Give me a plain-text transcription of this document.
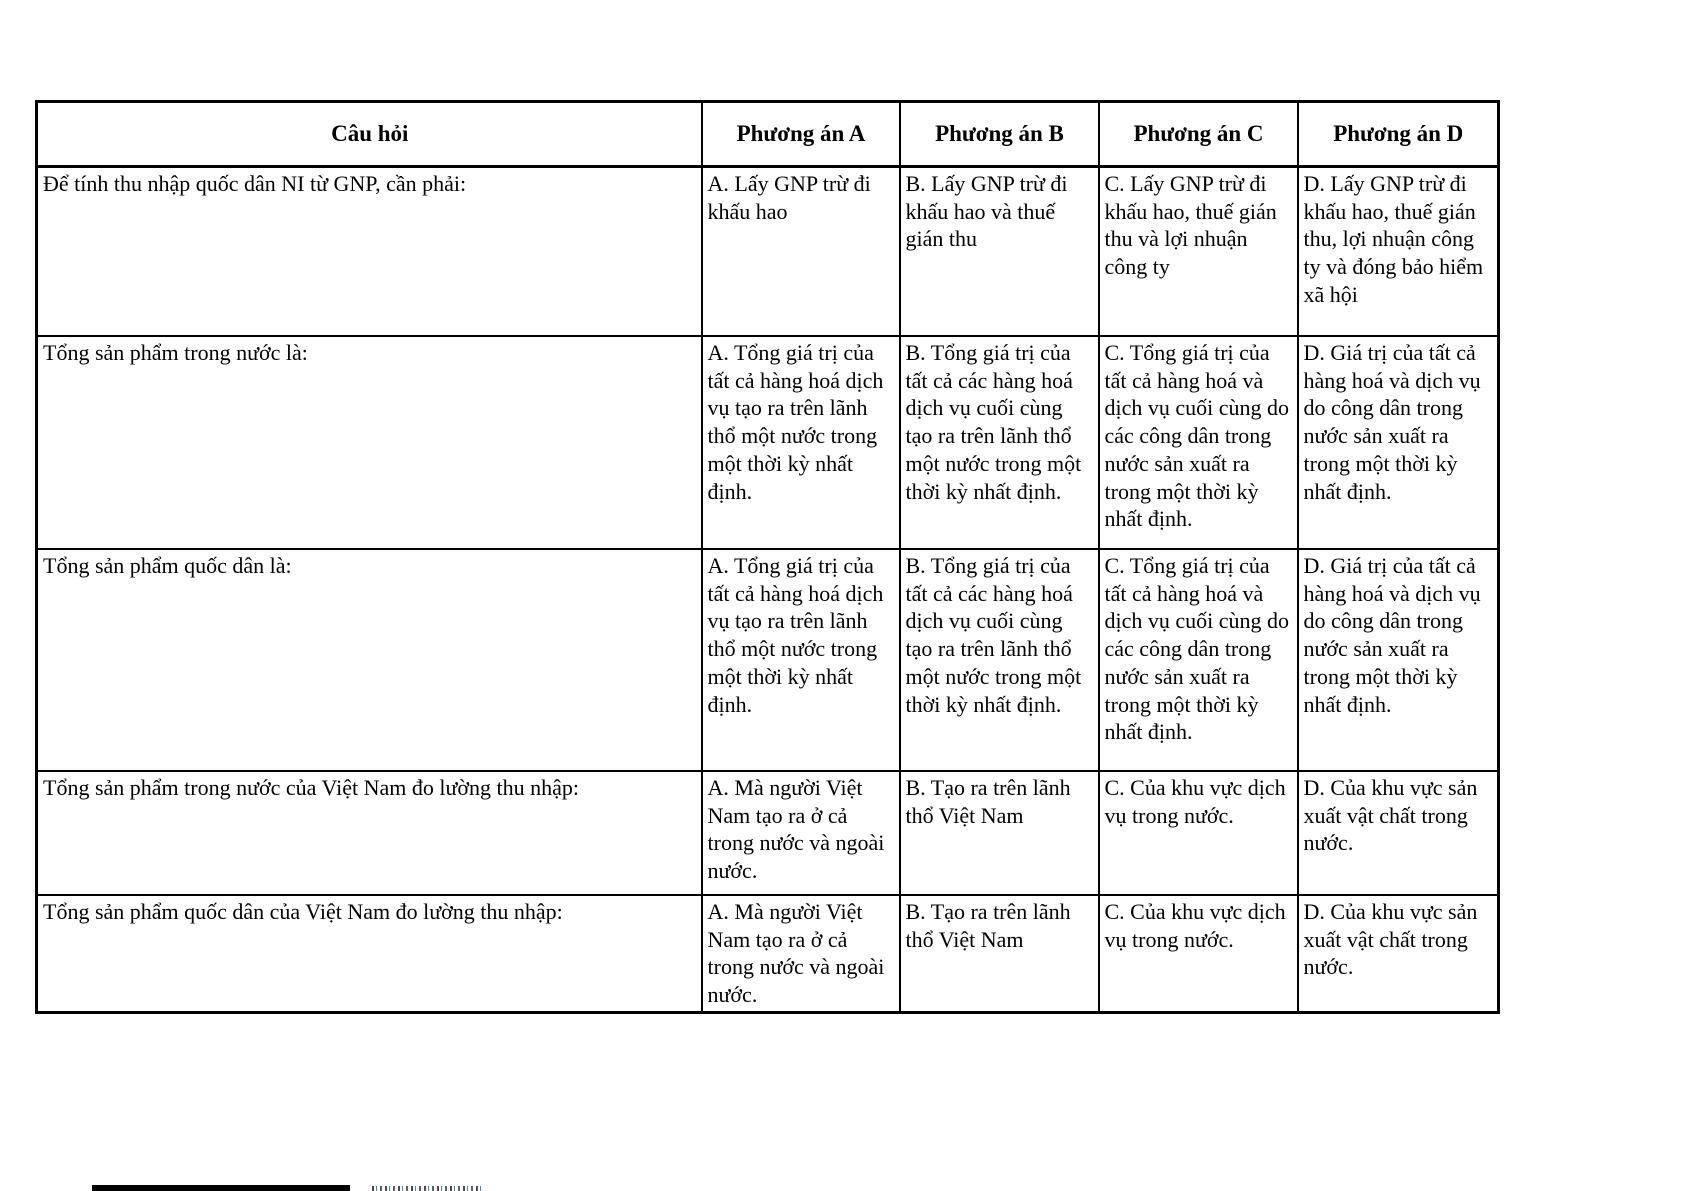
Câu hỏi	Phương án A	Phương án B	Phương án C	Phương án D
Để tính thu nhập quốc dân NI từ GNP, cần phải:	A. Lấy GNP trừ đi khấu hao	B. Lấy GNP trừ đi khấu hao và thuế gián thu	C. Lấy GNP trừ đi khấu hao, thuế gián thu và lợi nhuận công ty	D. Lấy GNP trừ đi khấu hao, thuế gián thu, lợi nhuận công ty và đóng bảo hiểm xã hội
Tổng sản phẩm trong nước là:	A. Tổng giá trị của tất cả hàng hoá dịch vụ tạo ra trên lãnh thổ một nước trong một thời kỳ nhất định.	B. Tổng giá trị của tất cả các hàng hoá dịch vụ cuối cùng tạo ra trên lãnh thổ một nước trong một thời kỳ nhất định.	C. Tổng giá trị của tất cả hàng hoá và dịch vụ cuối cùng do các công dân trong nước sản xuất ra trong một thời kỳ nhất định.	D. Giá trị của tất cả hàng hoá và dịch vụ do công dân trong nước sản xuất ra trong một thời kỳ nhất định.
Tổng sản phẩm quốc dân là:	A. Tổng giá trị của tất cả hàng hoá dịch vụ tạo ra trên lãnh thổ một nước trong một thời kỳ nhất định.	B. Tổng giá trị của tất cả các hàng hoá dịch vụ cuối cùng tạo ra trên lãnh thổ một nước trong một thời kỳ nhất định.	C. Tổng giá trị của tất cả hàng hoá và dịch vụ cuối cùng do các công dân trong nước sản xuất ra trong một thời kỳ nhất định.	D. Giá trị của tất cả hàng hoá và dịch vụ do công dân trong nước sản xuất ra trong một thời kỳ nhất định.
Tổng sản phẩm trong nước của Việt Nam đo lường thu nhập:	A. Mà người Việt Nam tạo ra ở cả trong nước và ngoài nước.	B. Tạo ra trên lãnh thổ Việt Nam	C. Của khu vực dịch vụ trong nước.	D. Của khu vực sản xuất vật chất trong nước.
Tổng sản phẩm quốc dân của Việt Nam đo lường thu nhập:	A. Mà người Việt Nam tạo ra ở cả trong nước và ngoài nước.	B. Tạo ra trên lãnh thổ Việt Nam	C. Của khu vực dịch vụ trong nước.	D. Của khu vực sản xuất vật chất trong nước.
